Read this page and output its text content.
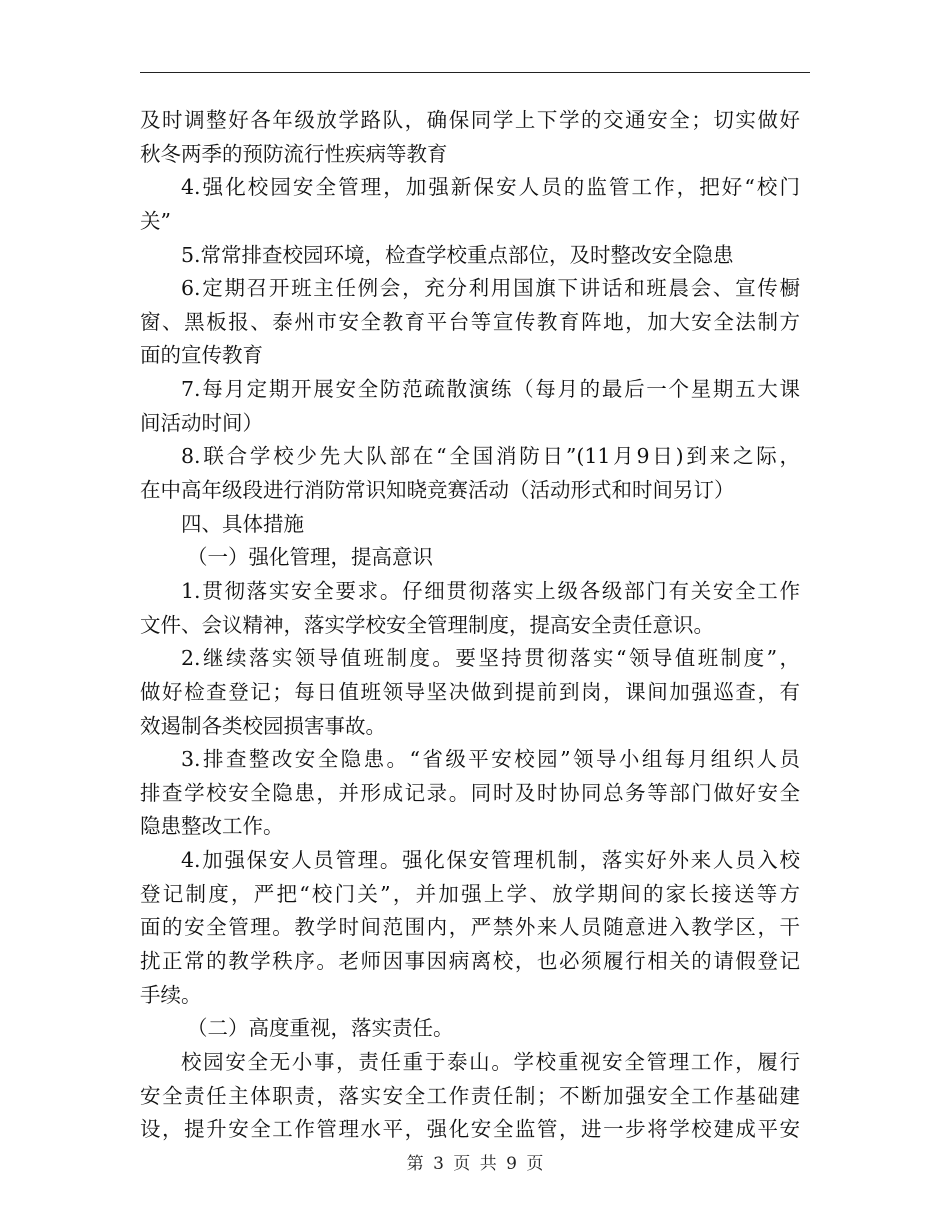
及时调整好各年级放学路队，确保同学上下学的交通安全；切实做好
秋冬两季的预防流行性疾病等教育
4.强化校园安全管理，加强新保安人员的监管工作，把好“校门
关”
5.常常排查校园环境，检查学校重点部位，及时整改安全隐患
6.定期召开班主任例会，充分利用国旗下讲话和班晨会、宣传橱
窗、黑板报、泰州市安全教育平台等宣传教育阵地，加大安全法制方
面的宣传教育
7.每月定期开展安全防范疏散演练（每月的最后一个星期五大课
间活动时间）
8.联合学校少先大队部在“全国消防日”(11月9日)到来之际，
在中高年级段进行消防常识知晓竞赛活动（活动形式和时间另订）
四、具体措施
（一）强化管理，提高意识
1.贯彻落实安全要求。仔细贯彻落实上级各级部门有关安全工作
文件、会议精神，落实学校安全管理制度，提高安全责任意识。
2.继续落实领导值班制度。要坚持贯彻落实“领导值班制度”，
做好检查登记；每日值班领导坚决做到提前到岗，课间加强巡查，有
效遏制各类校园损害事故。
3.排查整改安全隐患。“省级平安校园”领导小组每月组织人员
排查学校安全隐患，并形成记录。同时及时协同总务等部门做好安全
隐患整改工作。
4.加强保安人员管理。强化保安管理机制，落实好外来人员入校
登记制度，严把“校门关”，并加强上学、放学期间的家长接送等方
面的安全管理。教学时间范围内，严禁外来人员随意进入教学区，干
扰正常的教学秩序。老师因事因病离校，也必须履行相关的请假登记
手续。
（二）高度重视，落实责任。
校园安全无小事，责任重于泰山。学校重视安全管理工作，履行
安全责任主体职责，落实安全工作责任制；不断加强安全工作基础建
设，提升安全工作管理水平，强化安全监管，进一步将学校建成平安
第 3 页 共 9 页
